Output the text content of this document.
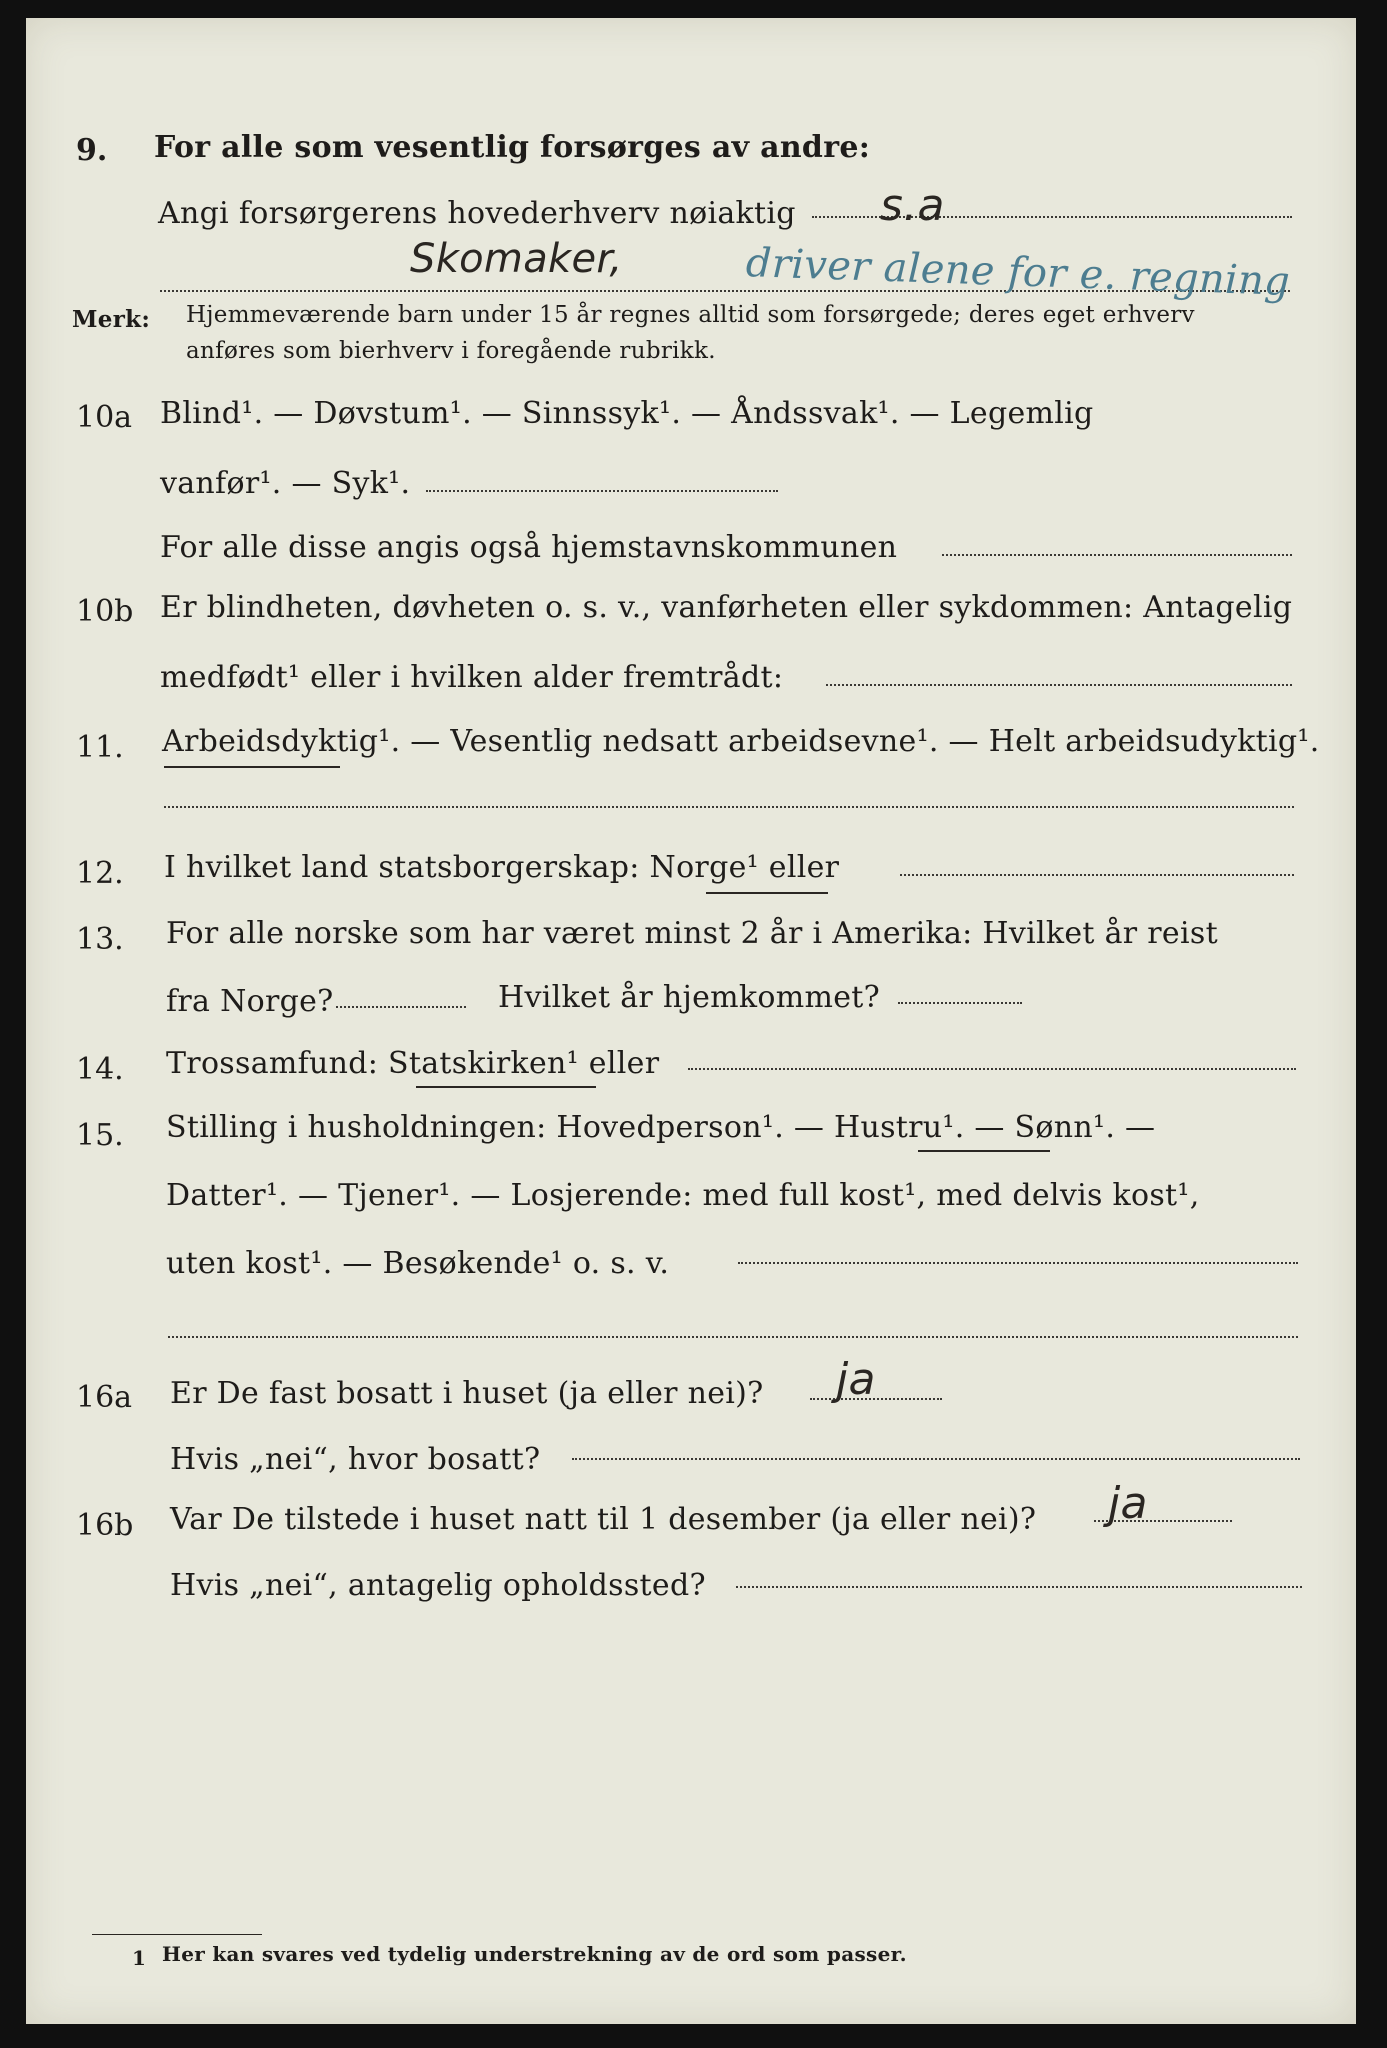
9. For alle som vesentlig forsørges av andre:
Angi forsørgerens hovederhverv nøiaktig s.a
Skomaker,	driver alene for e. regning
Merk: Hjemmeværende barn under 15 år regnes alltid som forsørgede; deres eget erhverv
anføres som bierhverv i foregående rubrikk.
10a Blind¹. — Døvstum¹. — Sinnssyk¹. — Åndssvak¹. — Legemlig
vanfør¹. — Syk¹.
For alle disse angis også hjemstavnskommunen
10b Er blindheten, døvheten o. s. v., vanførheten eller sykdommen: Antagelig
medfødt¹ eller i hvilken alder fremtrådt:
11. Arbeidsdyktig¹. — Vesentlig nedsatt arbeidsevne¹. — Helt arbeidsudyktig¹.
12. I hvilket land statsborgerskap: Norge¹ eller
13. For alle norske som har været minst 2 år i Amerika: Hvilket år reist
fra Norge?	Hvilket år hjemkommet?
14. Trossamfund: Statskirken¹ eller
15. Stilling i husholdningen: Hovedperson¹. — Hustru¹. — Sønn¹. —
Datter¹. — Tjener¹. — Losjerende: med full kost¹, med delvis kost¹,
uten kost¹. — Besøkende¹ o. s. v.
16a Er De fast bosatt i huset (ja eller nei)? ja
Hvis „nei“, hvor bosatt?
16b Var De tilstede i huset natt til 1 desember (ja eller nei)? ja
Hvis „nei“, antagelig opholdssted?
1 Her kan svares ved tydelig understrekning av de ord som passer.
